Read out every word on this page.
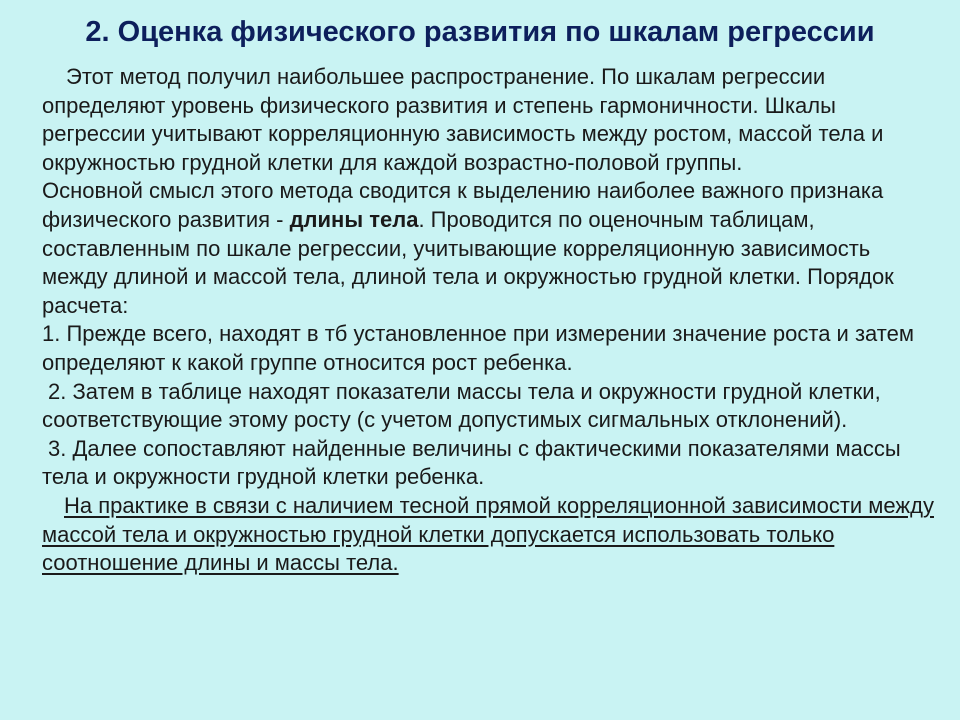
2. Оценка физического развития по шкалам регрессии

Этот метод получил наибольшее распространение. По шкалам регрессии определяют уровень физического развития и степень гармоничности. Шкалы регрессии учитывают корреляционную зависимость между ростом, массой тела и окружностью грудной клетки для каждой возрастно-половой группы.

Основной смысл этого метода сводится к выделению наиболее важного признака физического развития - длины тела. Проводится по оценочным таблицам, составленным по шкале регрессии, учитывающие корреляционную зависимость между длиной и массой тела, длиной тела и окружностью грудной клетки. Порядок расчета:

1. Прежде всего, находят в тб установленное при измерении значение роста и затем определяют к какой группе относится рост ребенка.

2. Затем в таблице находят показатели массы тела и окружности грудной клетки, соответствующие этому росту (с учетом допустимых сигмальных отклонений).

3. Далее сопоставляют найденные величины с фактическими показателями массы тела и окружности грудной клетки ребенка.

На практике в связи с наличием тесной прямой корреляционной зависимости между массой тела и окружностью грудной клетки допускается использовать только соотношение длины и массы тела.
